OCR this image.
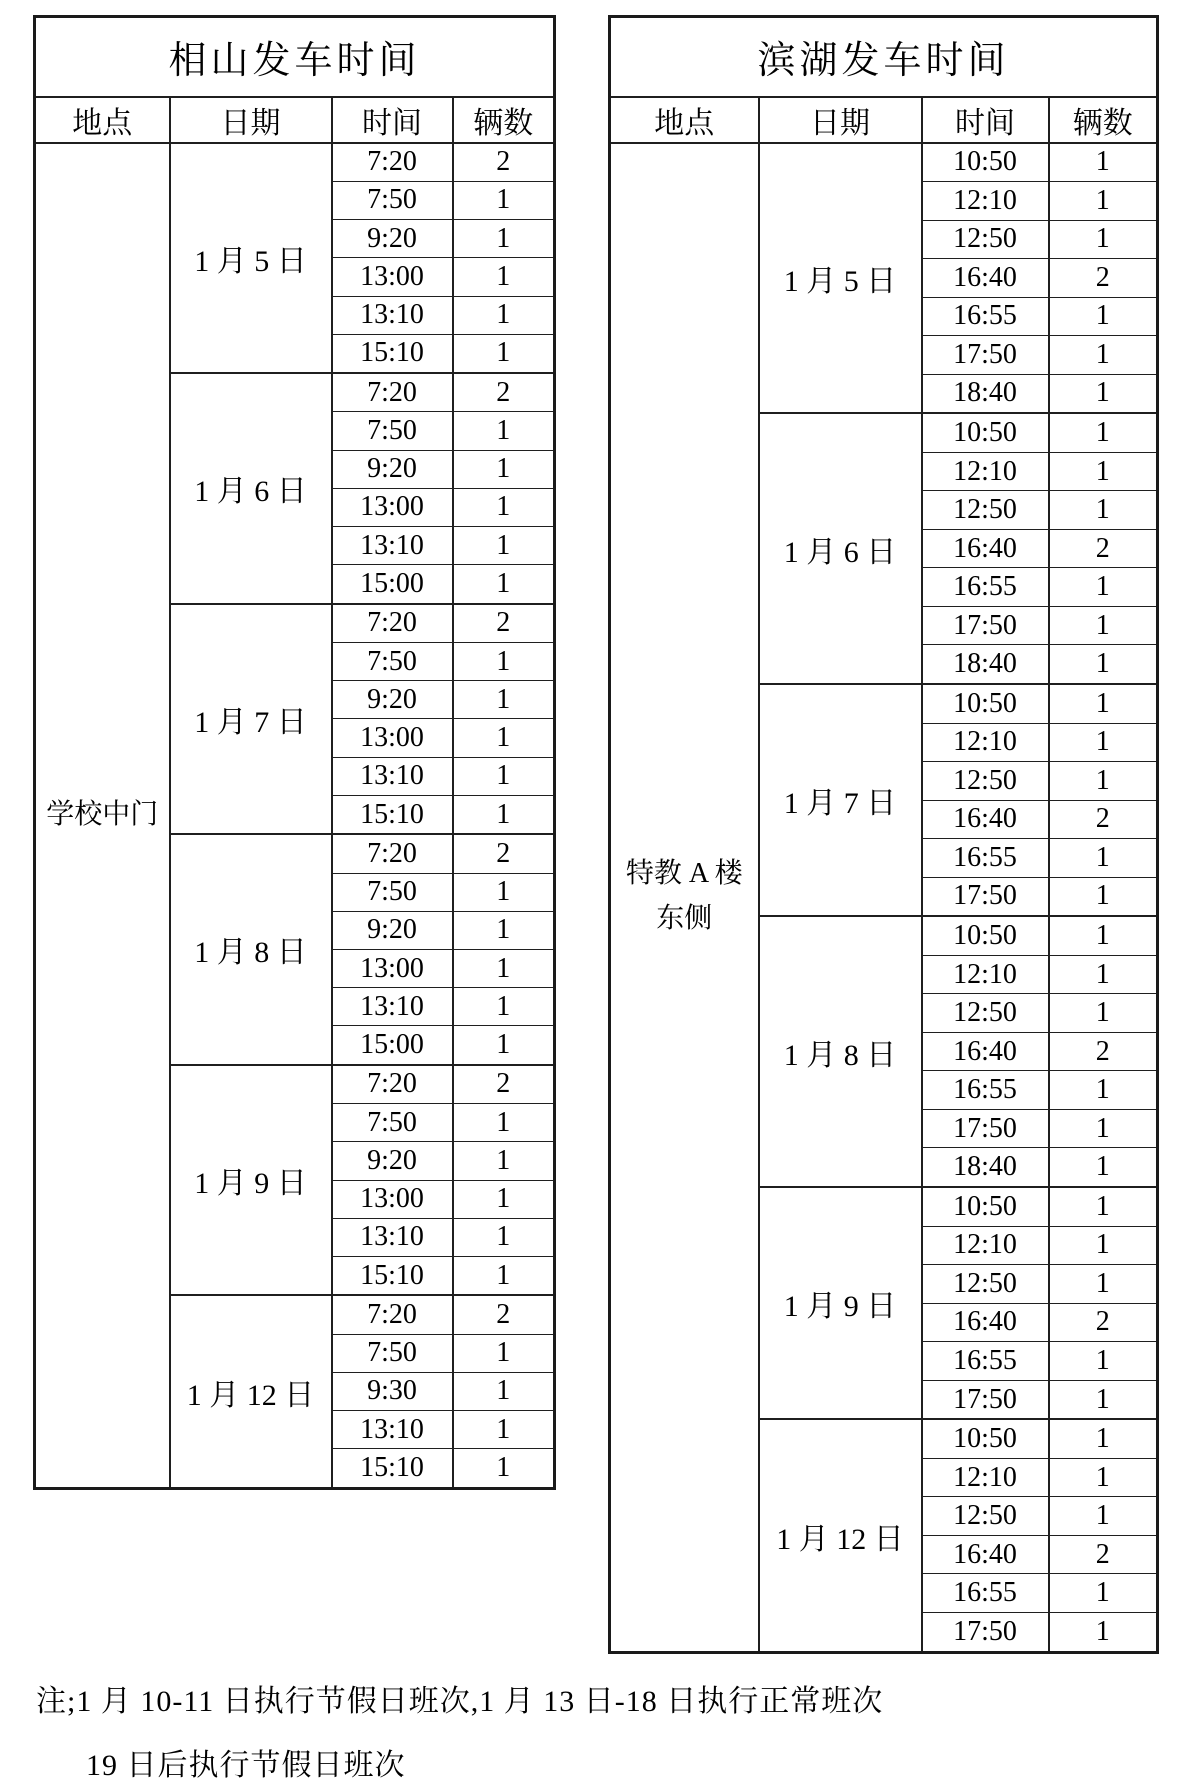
相山发车时间			
地点	日期	时间	辆数
学校中门	1 月 5 日	7:20	2
		7:50	1
		9:20	1
		13:00	1
		13:10	1
		15:10	1
	1 月 6 日	7:20	2
		7:50	1
		9:20	1
		13:00	1
		13:10	1
		15:00	1
	1 月 7 日	7:20	2
		7:50	1
		9:20	1
		13:00	1
		13:10	1
		15:10	1
	1 月 8 日	7:20	2
		7:50	1
		9:20	1
		13:00	1
		13:10	1
		15:00	1
	1 月 9 日	7:20	2
		7:50	1
		9:20	1
		13:00	1
		13:10	1
		15:10	1
	1 月 12 日	7:20	2
		7:50	1
		9:30	1
		13:10	1
		15:10	1
滨湖发车时间			
地点	日期	时间	辆数
特教 A 楼
东侧	1 月 5 日	10:50	1
		12:10	1
		12:50	1
		16:40	2
		16:55	1
		17:50	1
		18:40	1
	1 月 6 日	10:50	1
		12:10	1
		12:50	1
		16:40	2
		16:55	1
		17:50	1
		18:40	1
	1 月 7 日	10:50	1
		12:10	1
		12:50	1
		16:40	2
		16:55	1
		17:50	1
	1 月 8 日	10:50	1
		12:10	1
		12:50	1
		16:40	2
		16:55	1
		17:50	1
		18:40	1
	1 月 9 日	10:50	1
		12:10	1
		12:50	1
		16:40	2
		16:55	1
		17:50	1
	1 月 12 日	10:50	1
		12:10	1
		12:50	1
		16:40	2
		16:55	1
		17:50	1
注;1 月 10-11 日执行节假日班次,1 月 13 日-18 日执行正常班次
19 日后执行节假日班次
